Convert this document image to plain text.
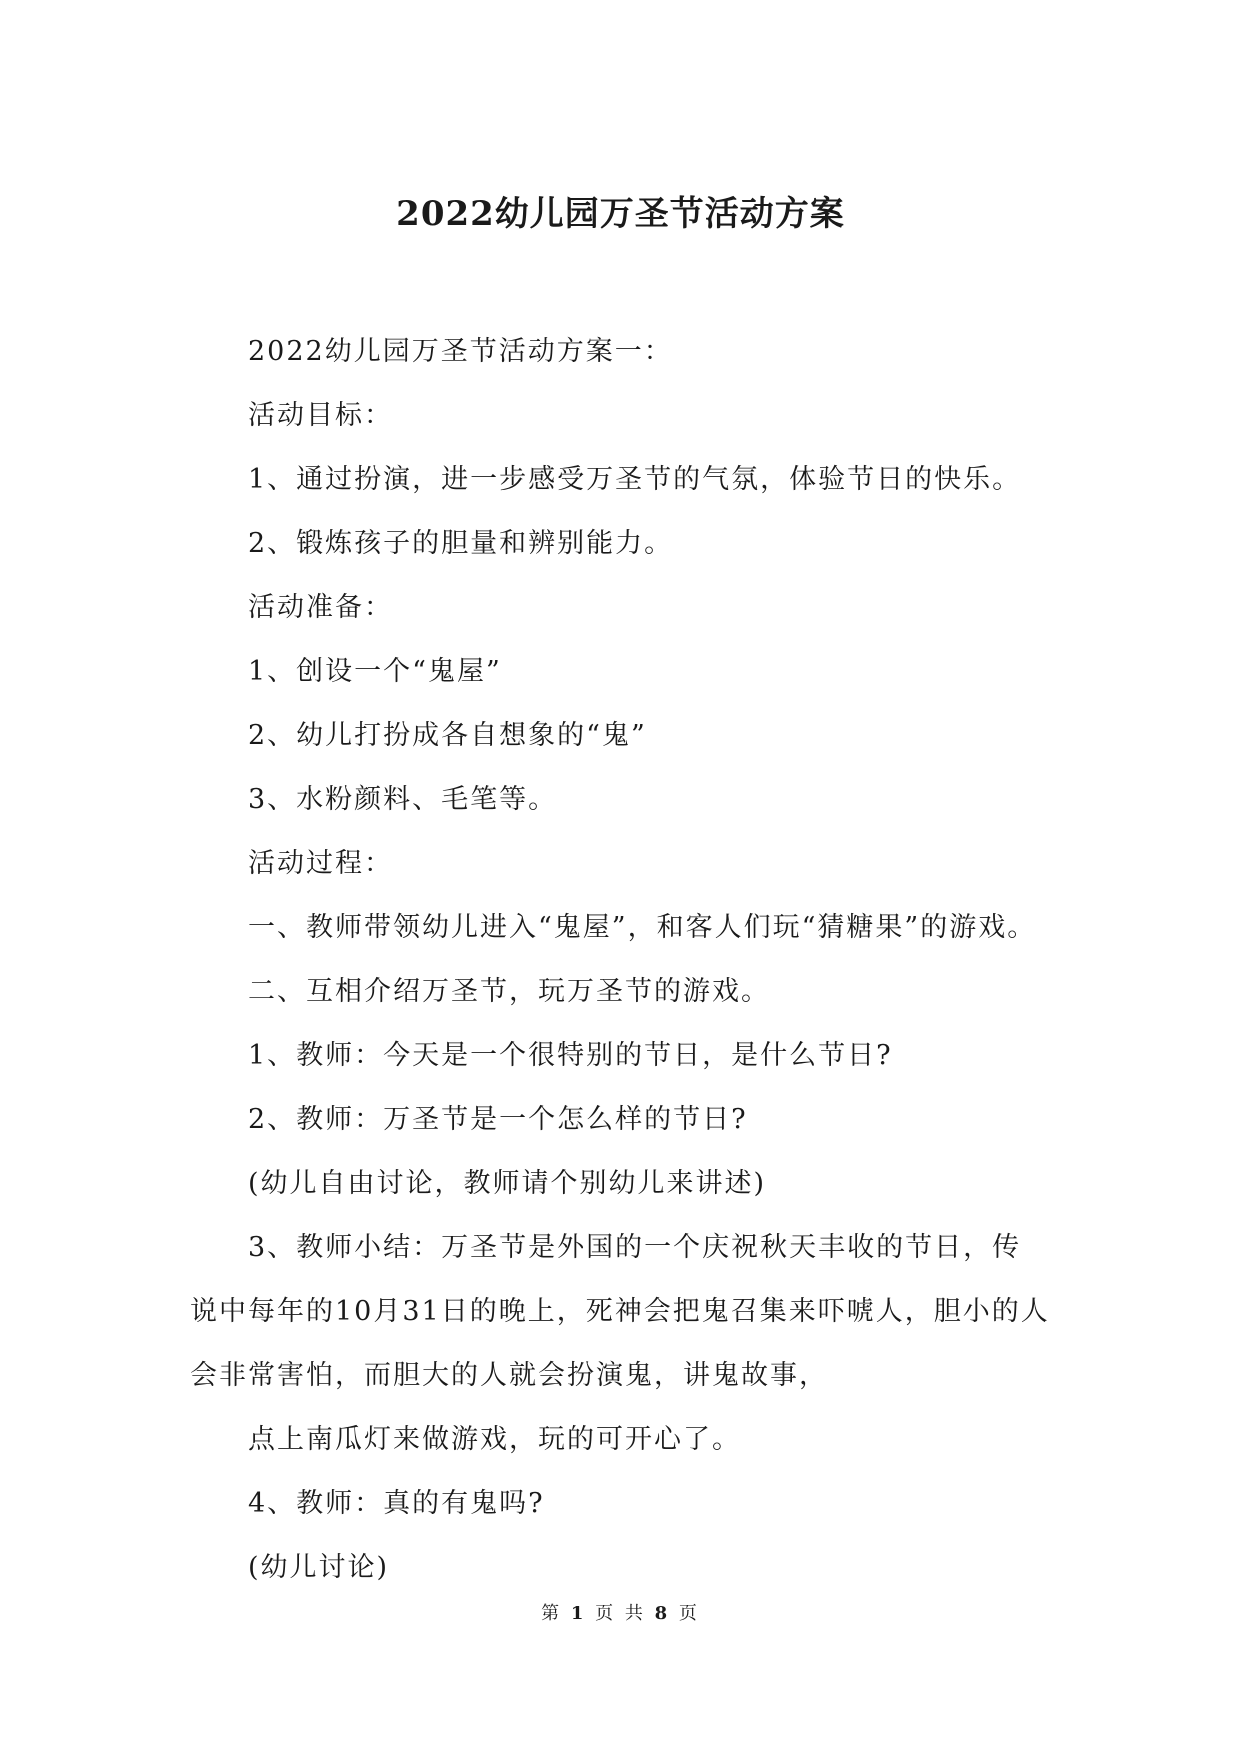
2022幼儿园万圣节活动方案

2022幼儿园万圣节活动方案一：

活动目标：

1、通过扮演，进一步感受万圣节的气氛，体验节日的快乐。

2、锻炼孩子的胆量和辨别能力。

活动准备：

1、创设一个“鬼屋”

2、幼儿打扮成各自想象的“鬼”

3、水粉颜料、毛笔等。

活动过程：

一、教师带领幼儿进入“鬼屋”，和客人们玩“猜糖果”的游戏。

二、互相介绍万圣节，玩万圣节的游戏。

1、教师：今天是一个很特别的节日，是什么节日?

2、教师：万圣节是一个怎么样的节日?

(幼儿自由讨论，教师请个别幼儿来讲述)

3、教师小结：万圣节是外国的一个庆祝秋天丰收的节日，传说中每年的10月31日的晚上，死神会把鬼召集来吓唬人，胆小的人会非常害怕，而胆大的人就会扮演鬼，讲鬼故事，

点上南瓜灯来做游戏，玩的可开心了。

4、教师：真的有鬼吗?

(幼儿讨论)

第 1 页 共 8 页
